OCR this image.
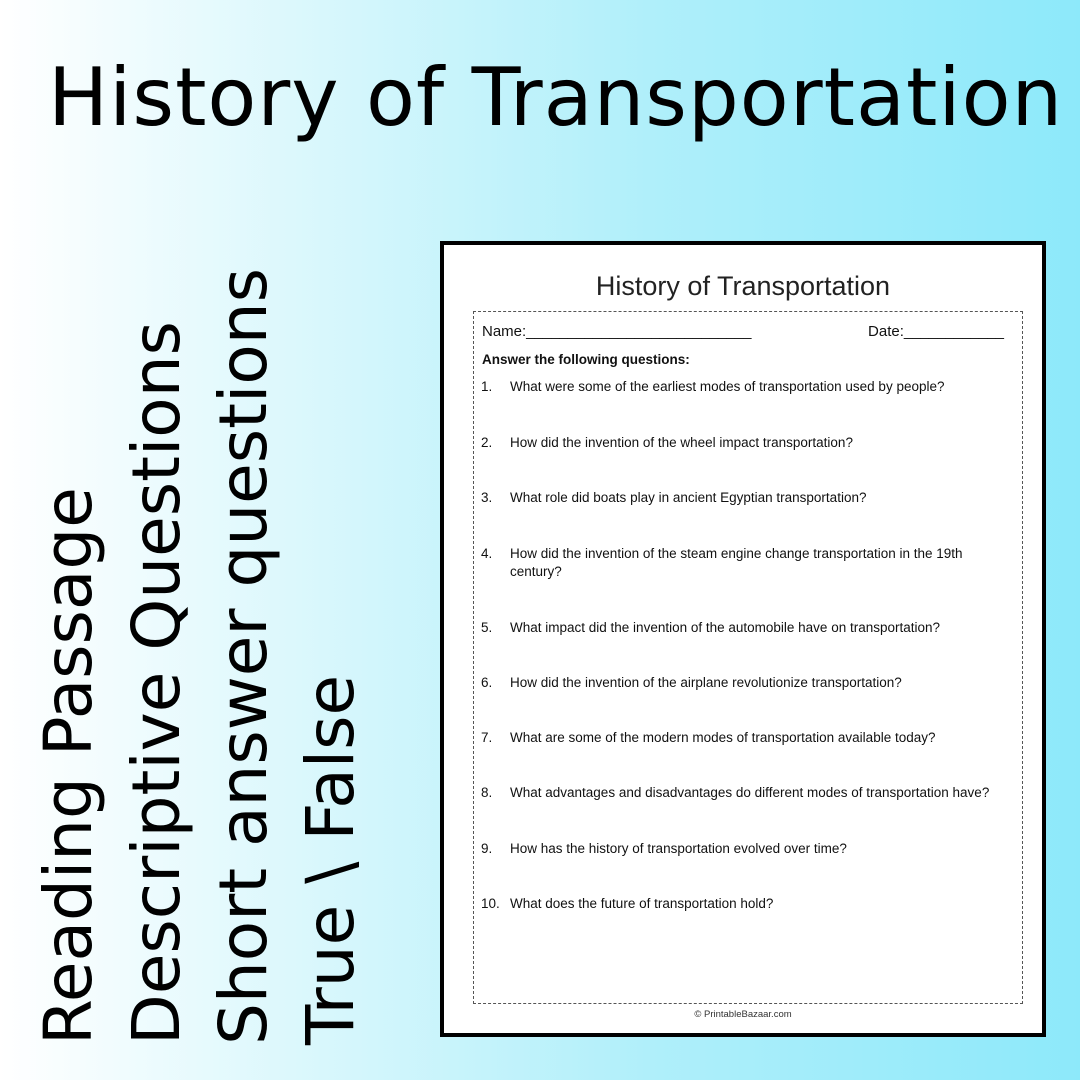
History of Transportation
Reading Passage Descriptive Questions Short answer questions True \ False
History of Transportation
Name:___________________________	Date:____________
Answer the following questions:
1.	What were some of the earliest modes of transportation used by people?
2.	How did the invention of the wheel impact transportation?
3.	What role did boats play in ancient Egyptian transportation?
4.	How did the invention of the steam engine change transportation in the 19th century?
5.	What impact did the invention of the automobile have on transportation?
6.	How did the invention of the airplane revolutionize transportation?
7.	What are some of the modern modes of transportation available today?
8.	What advantages and disadvantages do different modes of transportation have?
9.	How has the history of transportation evolved over time?
10. What does the future of transportation hold?
© PrintableBazaar.com
